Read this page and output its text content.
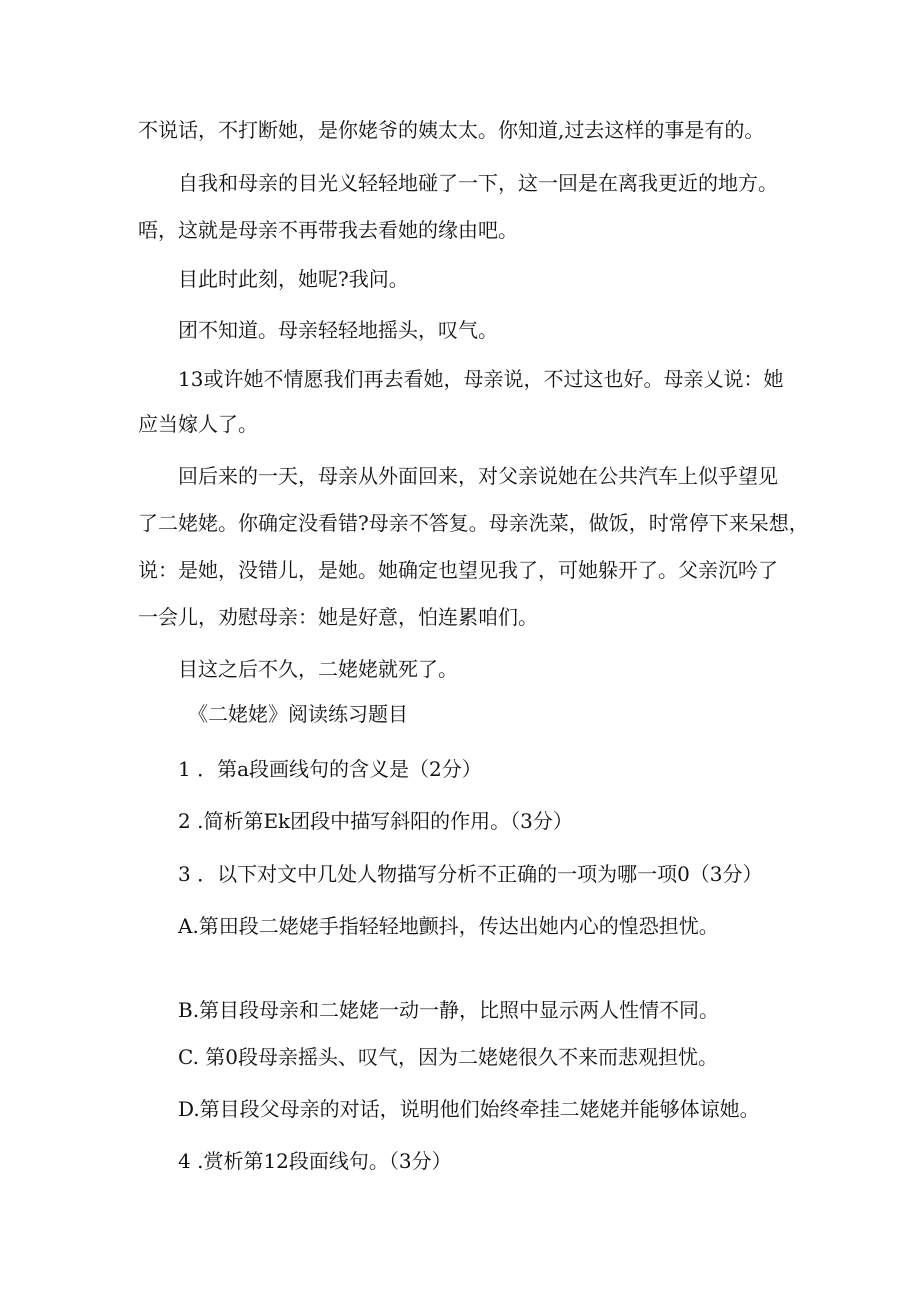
不说话，不打断她，是你姥爷的姨太太。你知道,过去这样的事是有的。
自我和母亲的目光义轻轻地碰了一下，这一回是在离我更近的地方。
唔，这就是母亲不再带我去看她的缘由吧。
目此时此刻，她呢?我问。
团不知道。母亲轻轻地摇头，叹气。
13或许她不情愿我们再去看她，母亲说，不过这也好。母亲乂说：她
应当嫁人了。
回后来的一天，母亲从外面回来，对父亲说她在公共汽车上似乎望见
了二姥姥。你确定没看错?母亲不答复。母亲洗菜，做饭，时常停下来呆想，
说：是她，没错儿，是她。她确定也望见我了，可她躲开了。父亲沉吟了
一会儿，劝慰母亲：她是好意，怕连累咱们。
目这之后不久，二姥姥就死了。
《二姥姥》阅读练习题目
1 ．第a段画线句的含义是（2分）
2 .简析第Ek团段中描写斜阳的作用。（3分）
3 ．以下对文中几处人物描写分析不正确的一项为哪一项0（3分）
A.第田段二姥姥手指轻轻地颤抖，传达出她内心的惶恐担忧。
B.第目段母亲和二姥姥一动一静，比照中显示两人性情不同。
C. 第0段母亲摇头、叹气，因为二姥姥很久不来而悲观担忧。
D.第目段父母亲的对话，说明他们始终牵挂二姥姥并能够体谅她。
4 .赏析第12段面线句。（3分）
